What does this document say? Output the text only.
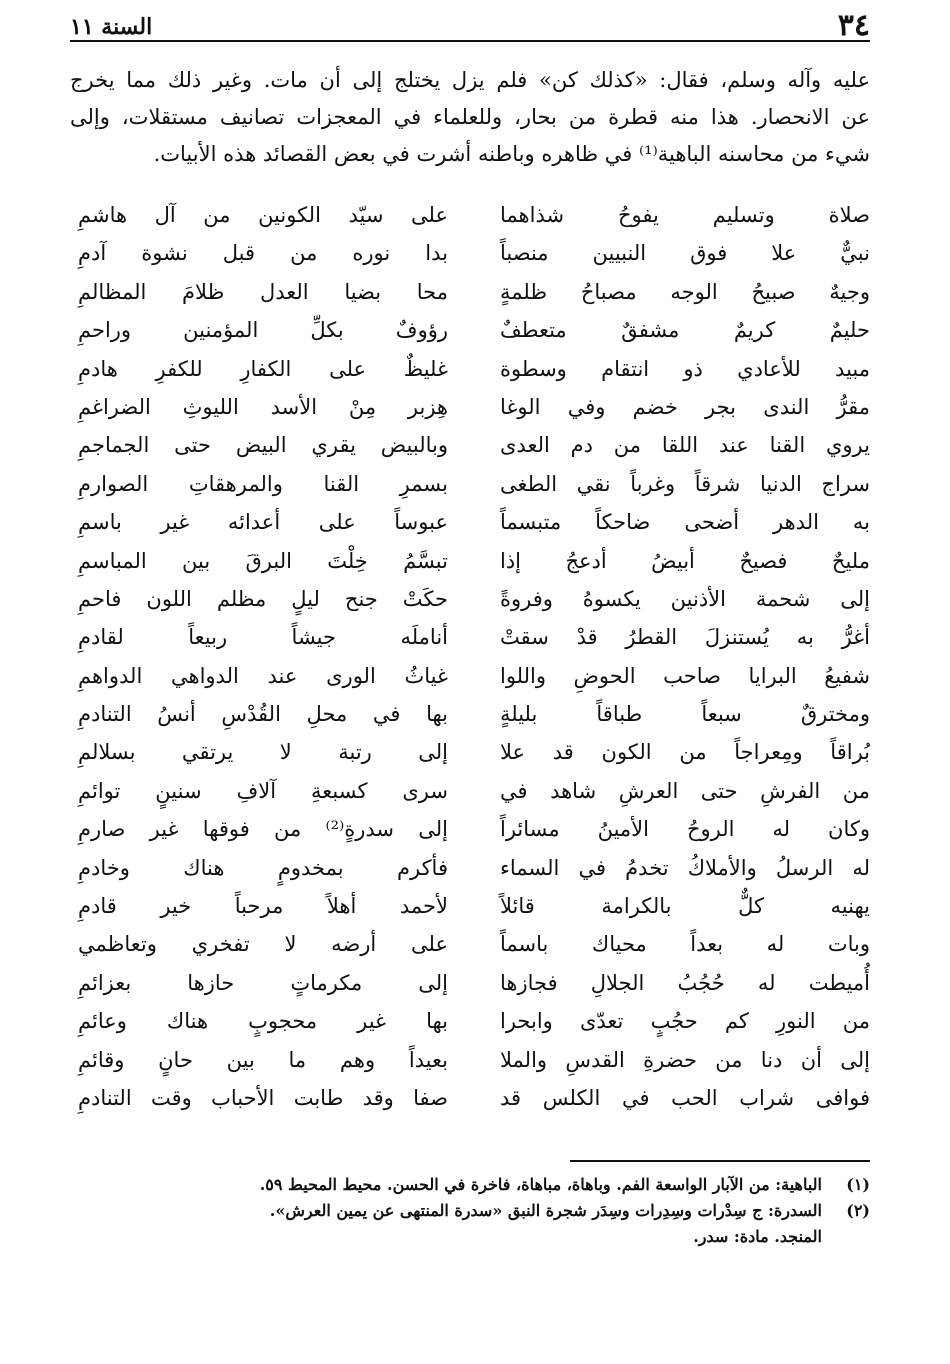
٣٤
السنة ١١
عليه وآله وسلم، فقال: «كذلك كن» فلم يزل يختلج إلى أن مات. وغير ذلك مما يخرج
عن الانحصار. هذا منه قطرة من بحار، وللعلماء في المعجزات تصانيف مستقلات، وإلى
شيء من محاسنه الباهية⁽¹⁾ في ظاهره وباطنه أشرت في بعض القصائد هذه الأبيات.
صلاة وتسليم يفوحُ شذاهما
نبيٌّ علا فوق النبيين منصباً
وجيهٌ صبيحُ الوجه مصباحُ ظلمةٍ
حليمٌ كريمٌ مشفقٌ متعطفٌ
مبيد للأعادي ذو انتقام وسطوة
مقرُّ الندى بجر خضم وفي الوغا
يروي القنا عند اللقا من دم العدى
سراج الدنيا شرقاً وغرباً نقي الطغى
به الدهر أضحى ضاحكاً متبسماً
مليحٌ فصيحٌ أبيضُ أدعجُ إذا
إلى شحمة الأذنين يكسوهُ وفروةً
أغرُّ به يُستنزلَ القطرُ قدْ سقتْ
شفيعُ البرايا صاحب الحوضِ واللوا
ومخترقٌ سبعاً طباقاً بليلةٍ
بُراقاً ومِعراجاً من الكون قد علا
من الفرشِ حتى العرشِ شاهد في
وكان له الروحُ الأمينُ مسائراً
له الرسلُ والأملاكُ تخدمُ في السماء
يهنيه كلٌّ بالكرامة قائلاً
وبات له بعداً محياك باسماً
أُميطت له حُجُبُ الجلالِ فجازها
من النورِ كم حجُبٍ تعدّى وابحرا
إلى أن دنا من حضرةِ القدسِ والملا
فوافى شراب الحب في الكلس قد
على سيّد الكونين من آل هاشمِ
بدا نوره من قبل نشوة آدمِ
محا بضيا العدل ظلامَ المظالمِ
رؤوفٌ بكلِّ المؤمنين وراحمِ
غليظٌ على الكفارِ للكفرِ هادمِ
هِزبر مِنْ الأسد الليوثِ الضراغمِ
وبالبيض يقري البيض حتى الجماجمِ
بسمرِ القنا والمرهقاتِ الصوارمِ
عبوساً على أعدائه غير باسمِ
تبسَّمُ خِلْتَ البرقَ بين المباسمِ
حكَتْ جنح ليلٍ مظلم اللون فاحمِ
أناملَه جيشاً ربيعاً لقادمِ
غياثُ الورى عند الدواهي الدواهمِ
بها في محلِ القُدْسِ أنسُ التنادمِ
إلى رتبة لا يرتقي بسلالمِ
سرى كسبعةِ آلافِ سنينٍ توائمِ
إلى سدرةٍ⁽²⁾ من فوقها غير صارمِ
فأكرم بمخدومٍ هناك وخادمِ
لأحمد أهلاً مرحباً خير قادمِ
على أرضه لا تفخري وتعاظمي
إلى مكرماتٍ حازها بعزائمِ
بها غير محجوبٍ هناك وعائمِ
بعيداً وهم ما بين حانٍ وقائمِ
صفا وقد طابت الأحباب وقت التنادمِ
(١)
الباهية: من الآبار الواسعة الفم. وباهاة، مباهاة، فاخرة في الحسن. محيط المحيط ٥٩.
(٢)
السدرة: ج سِدْرات وسِدِرات وسِدَر شجرة النبق «سدرة المنتهى عن يمين العرش».
المنجد. مادة: سدر.
